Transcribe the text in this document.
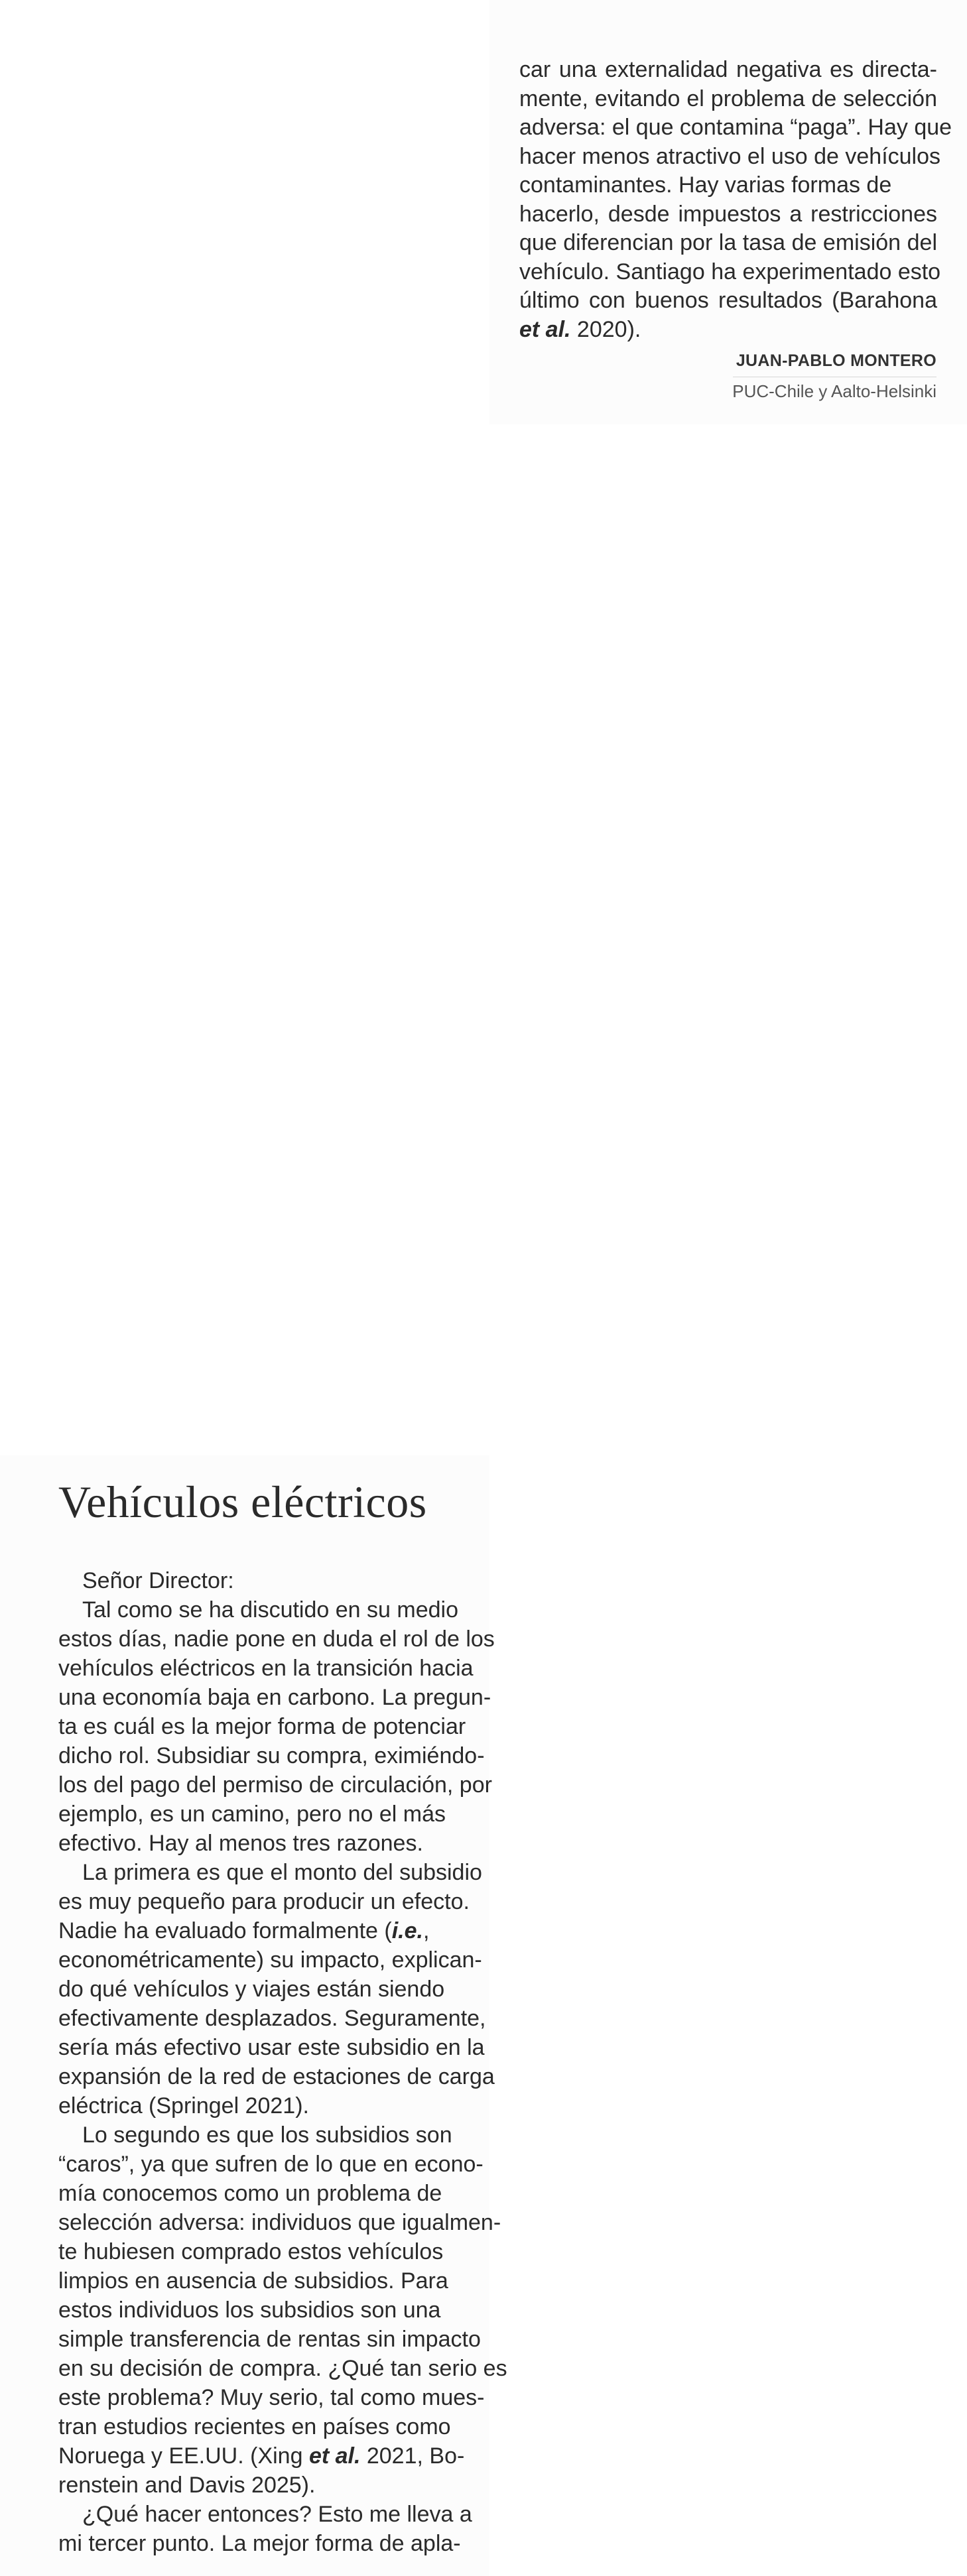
car una externalidad negativa es directa-
mente, evitando el problema de selección
adversa: el que contamina “paga”. Hay que
hacer menos atractivo el uso de vehículos
contaminantes. Hay varias formas de
hacerlo, desde impuestos a restricciones
que diferencian por la tasa de emisión del
vehículo. Santiago ha experimentado esto
último con buenos resultados (Barahona
et al. 2020).
JUAN-PABLO MONTERO
PUC-Chile y Aalto-Helsinki
Vehículos eléctricos
Señor Director:
Tal como se ha discutido en su medio
estos días, nadie pone en duda el rol de los
vehículos eléctricos en la transición hacia
una economía baja en carbono. La pregun-
ta es cuál es la mejor forma de potenciar
dicho rol. Subsidiar su compra, eximiéndo-
los del pago del permiso de circulación, por
ejemplo, es un camino, pero no el más
efectivo. Hay al menos tres razones.
La primera es que el monto del subsidio
es muy pequeño para producir un efecto.
Nadie ha evaluado formalmente (i.e.,
econométricamente) su impacto, explican-
do qué vehículos y viajes están siendo
efectivamente desplazados. Seguramente,
sería más efectivo usar este subsidio en la
expansión de la red de estaciones de carga
eléctrica (Springel 2021).
Lo segundo es que los subsidios son
“caros”, ya que sufren de lo que en econo-
mía conocemos como un problema de
selección adversa: individuos que igualmen-
te hubiesen comprado estos vehículos
limpios en ausencia de subsidios. Para
estos individuos los subsidios son una
simple transferencia de rentas sin impacto
en su decisión de compra. ¿Qué tan serio es
este problema? Muy serio, tal como mues-
tran estudios recientes en países como
Noruega y EE.UU. (Xing et al. 2021, Bo-
renstein and Davis 2025).
¿Qué hacer entonces? Esto me lleva a
mi tercer punto. La mejor forma de apla-
